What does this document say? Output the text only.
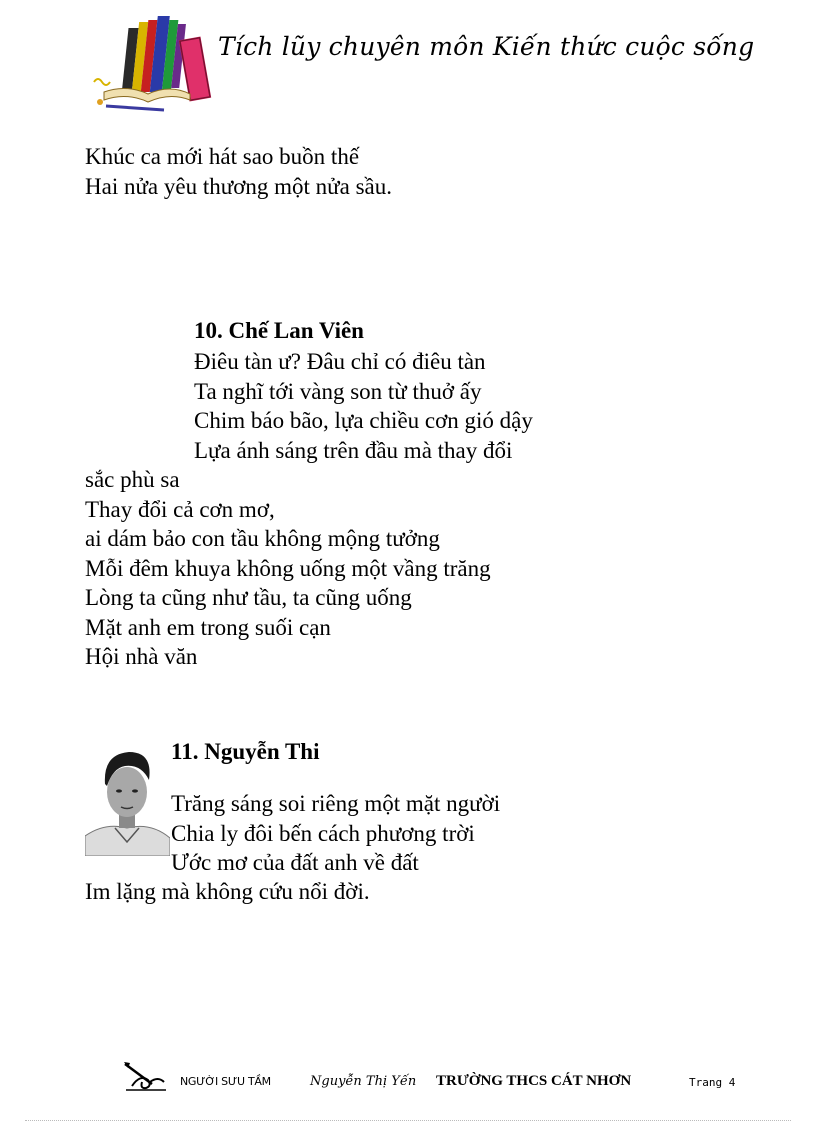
Tích lũy chuyên môn Kiến thức cuộc sống
Khúc ca mới hát sao buồn thế
Hai nửa yêu thương một nửa sầu.
10. Chế Lan Viên
Điêu tàn ư? Đâu chỉ có điêu tàn
Ta nghĩ tới vàng son từ thuở ấy
Chim báo bão, lựa chiều cơn gió dậy
Lựa ánh sáng trên đầu mà thay đổi
sắc phù sa
Thay đổi cả cơn mơ,
ai dám bảo con tầu không mộng tưởng
Mỗi đêm khuya không uống một vầng trăng
Lòng ta cũng như tầu, ta cũng uống
Mặt anh em trong suối cạn
Hội nhà văn
11. Nguyễn Thi
Trăng sáng soi riêng một mặt người
Chia ly đôi bến cách phương trời
Ước mơ của đất anh về đất
Im lặng mà không cứu nổi đời.
NGƯỜI SƯU TẦM	Nguyễn Thị Yến TRƯỜNG THCS CÁT NHƠN	Trang 4
